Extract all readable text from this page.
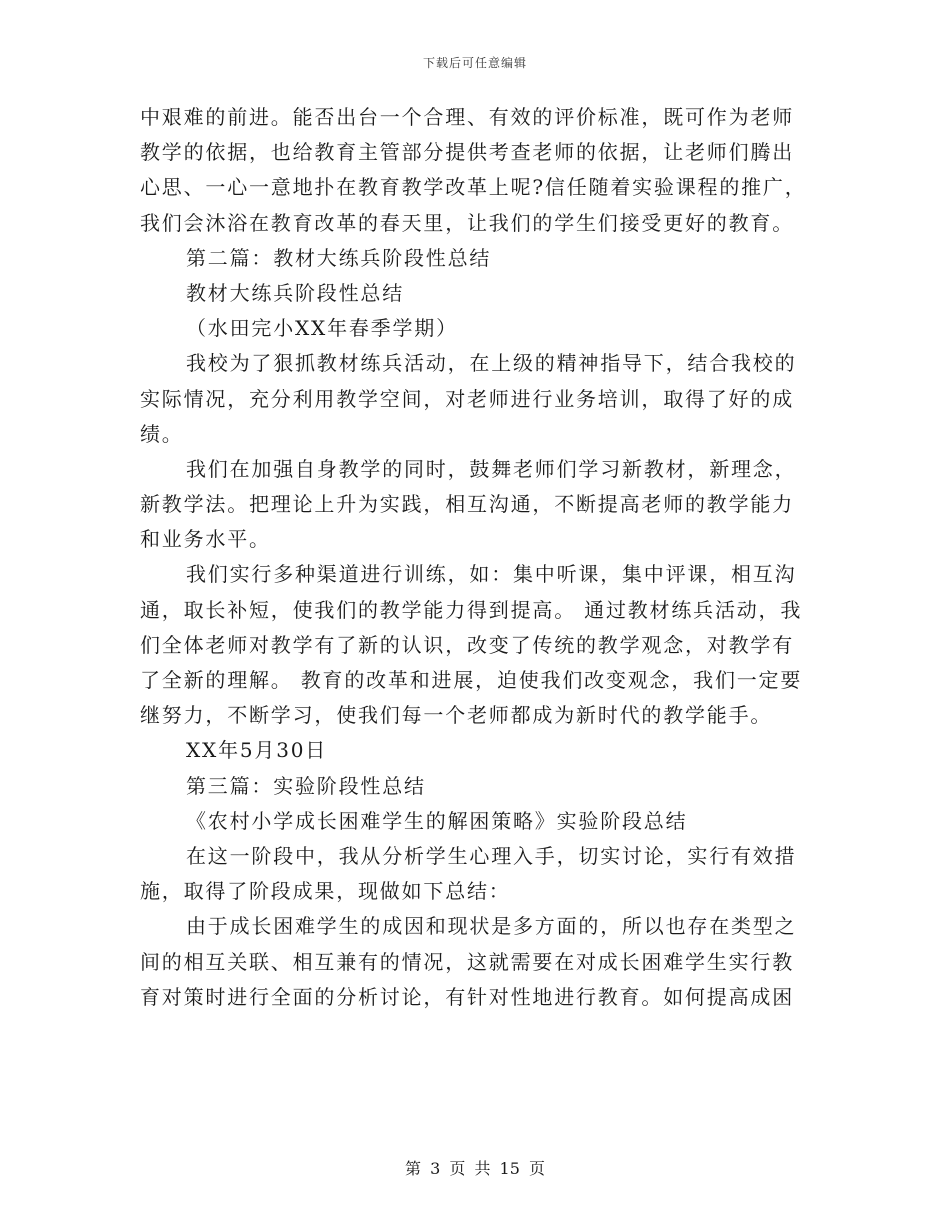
下载后可任意编辑
中艰难的前进。能否出台一个合理、有效的评价标准，既可作为老师
教学的依据，也给教育主管部分提供考查老师的依据，让老师们腾出
心思、一心一意地扑在教育教学改革上呢?信任随着实验课程的推广，
我们会沐浴在教育改革的春天里，让我们的学生们接受更好的教育。
第二篇：教材大练兵阶段性总结
教材大练兵阶段性总结
（水田完小XX年春季学期）
我校为了狠抓教材练兵活动，在上级的精神指导下，结合我校的
实际情况，充分利用教学空间，对老师进行业务培训，取得了好的成
绩。
我们在加强自身教学的同时，鼓舞老师们学习新教材，新理念，
新教学法。把理论上升为实践，相互沟通，不断提高老师的教学能力
和业务水平。
我们实行多种渠道进行训练，如：集中听课，集中评课，相互沟
通，取长补短，使我们的教学能力得到提高。 通过教材练兵活动，我
们全体老师对教学有了新的认识，改变了传统的教学观念，对教学有
了全新的理解。 教育的改革和进展，迫使我们改变观念，我们一定要
继努力，不断学习，使我们每一个老师都成为新时代的教学能手。
XX年5月30日
第三篇：实验阶段性总结
《农村小学成长困难学生的解困策略》实验阶段总结
在这一阶段中，我从分析学生心理入手，切实讨论，实行有效措
施，取得了阶段成果，现做如下总结：
由于成长困难学生的成因和现状是多方面的，所以也存在类型之
间的相互关联、相互兼有的情况，这就需要在对成长困难学生实行教
育对策时进行全面的分析讨论，有针对性地进行教育。如何提高成困
第 3 页 共 15 页
